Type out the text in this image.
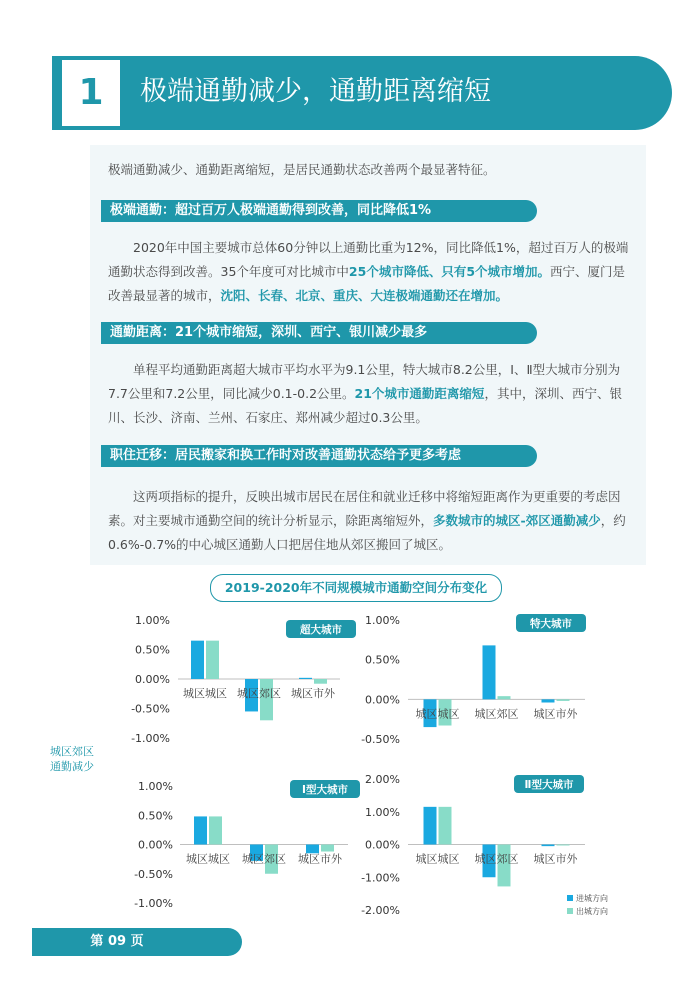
1	极端通勤减少，通勤距离缩短
极端通勤减少、通勤距离缩短，是居民通勤状态改善两个最显著特征。
极端通勤：超过百万人极端通勤得到改善，同比降低1%
2020年中国主要城市总体60分钟以上通勤比重为12%，同比降低1%，超过百万人的极端通勤状态得到改善。35个年度可对比城市中25个城市降低、只有5个城市增加。西宁、厦门是改善最显著的城市，沈阳、长春、北京、重庆、大连极端通勤还在增加。
通勤距离：21个城市缩短，深圳、西宁、银川减少最多
单程平均通勤距离超大城市平均水平为9.1公里，特大城市8.2公里，Ⅰ、Ⅱ型大城市分别为7.7公里和7.2公里，同比减少0.1-0.2公里。21个城市通勤距离缩短，其中，深圳、西宁、银川、长沙、济南、兰州、石家庄、郑州减少超过0.3公里。
职住迁移：居民搬家和换工作时对改善通勤状态给予更多考虑
这两项指标的提升，反映出城市居民在居住和就业迁移中将缩短距离作为更重要的考虑因素。对主要城市通勤空间的统计分析显示，除距离缩短外，多数城市的城区-郊区通勤减少，约0.6%-0.7%的中心城区通勤人口把居住地从郊区搬回了城区。
2019-2020年不同规模城市通勤空间分布变化
城区郊区
通勤减少
1.00%
0.50%
0.00%
-0.50%
-1.00%
城区城区 城区郊区 城区市外
超大城市
1.00%
0.50%
0.00%
-0.50%
城区城区 城区郊区 城区市外
特大城市
1.00%
0.50%
0.00%
-0.50%
-1.00%
城区城区 城区郊区 城区市外
Ⅰ型大城市
2.00%
1.00%
0.00%
-1.00%
-2.00%
城区城区 城区郊区 城区市外
Ⅱ型大城市
进城方向
出城方向
第 09 页
